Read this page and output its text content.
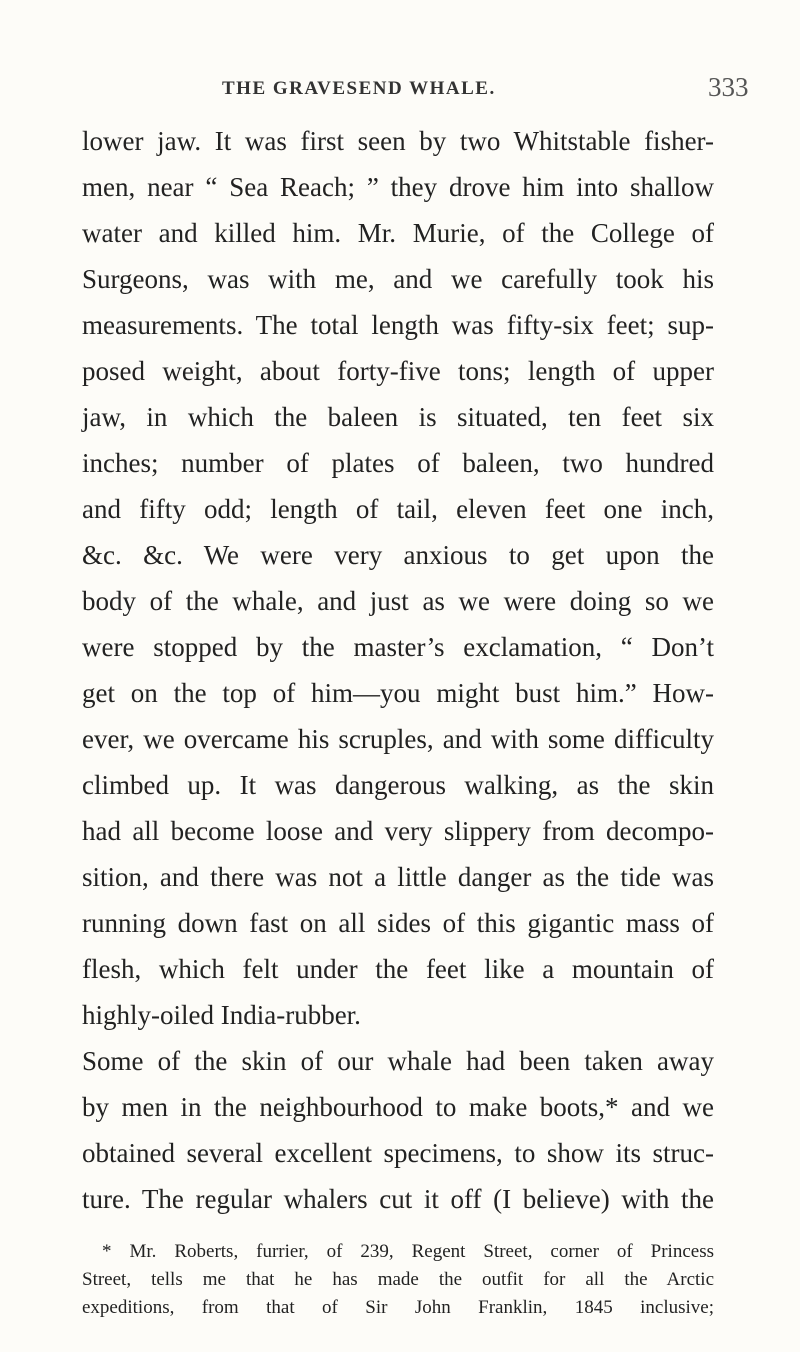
THE GRAVESEND WHALE.	333
lower jaw. It was first seen by two Whitstable fisher-
men, near “ Sea Reach; ” they drove him into shallow
water and killed him. Mr. Murie, of the College of
Surgeons, was with me, and we carefully took his
measurements. The total length was fifty-six feet; sup-
posed weight, about forty-five tons; length of upper
jaw, in which the baleen is situated, ten feet six
inches; number of plates of baleen, two hundred
and fifty odd; length of tail, eleven feet one inch,
&c. &c. We were very anxious to get upon the
body of the whale, and just as we were doing so we
were stopped by the master’s exclamation, “ Don’t
get on the top of him—you might bust him.” How-
ever, we overcame his scruples, and with some difficulty
climbed up. It was dangerous walking, as the skin
had all become loose and very slippery from decompo-
sition, and there was not a little danger as the tide was
running down fast on all sides of this gigantic mass of
flesh, which felt under the feet like a mountain of
highly-oiled India-rubber.
Some of the skin of our whale had been taken away
by men in the neighbourhood to make boots,* and we
obtained several excellent specimens, to show its struc-
ture. The regular whalers cut it off (I believe) with the
* Mr. Roberts, furrier, of 239, Regent Street, corner of Princess
Street, tells me that he has made the outfit for all the Arctic
expeditions, from that of Sir John Franklin, 1845 inclusive;
